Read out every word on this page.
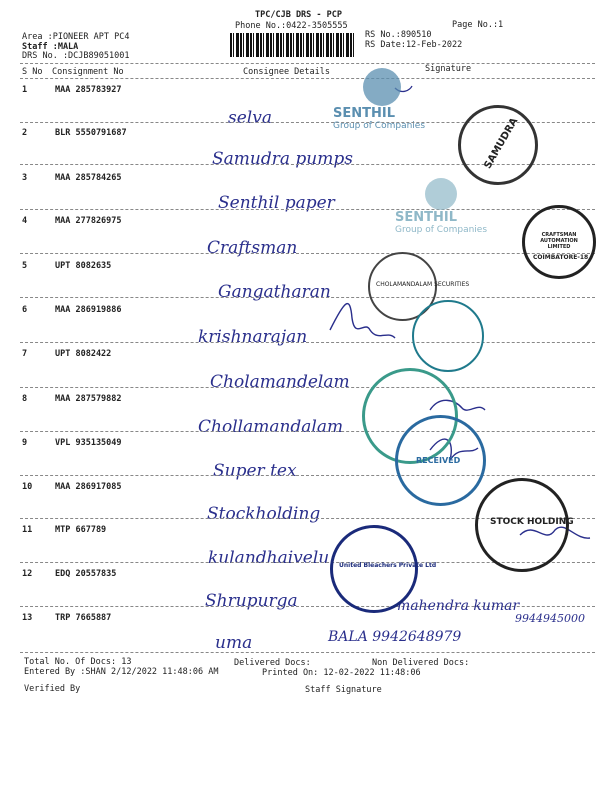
TPC/CJB DRS - PCP
Phone No.:0422-3505555	Page No.:1
Area :PIONEER APT PC4
Staff :MALA
DRS No. :DCJB89051001
RS No.:890510
RS Date:12-Feb-2022
S No Consignment No	Consignee Details	Signature
1	MAA 285783927
selva
2	BLR 5550791687
Samudra pumps
3	MAA 285784265
Senthil paper
4	MAA 277826975
Craftsman
5	UPT 8082635
Gangatharan
6	MAA 286919886
krishnarajan
7	UPT 8082422
Cholamandelam
8	MAA 287579882
Chollamandalam
9	VPL 935135049
Super tex
10	MAA 286917085
Stockholding
11	MTP 667789
kulandhaivelu
12	EDQ 20557835
Shrupurga
13	TRP 7665887
uma
mahendra kumar
9944945000
BALA 9942648979
SAMUDRA
CRAFTSMAN AUTOMATION LIMITED
COIMBATORE-18
CHOLAMANDALAM SECURITIES
RECEIVED
STOCK HOLDING
United Bleachers Private Ltd
SENTHIL
Group of Companies
SENTHIL
Group of Companies
Total No. Of Docs: 13	Delivered Docs:	Non Delivered Docs:
Entered By :SHAN 2/12/2022 11:48:06 AM	Printed On: 12-02-2022 11:48:06
Verified By	Staff Signature
